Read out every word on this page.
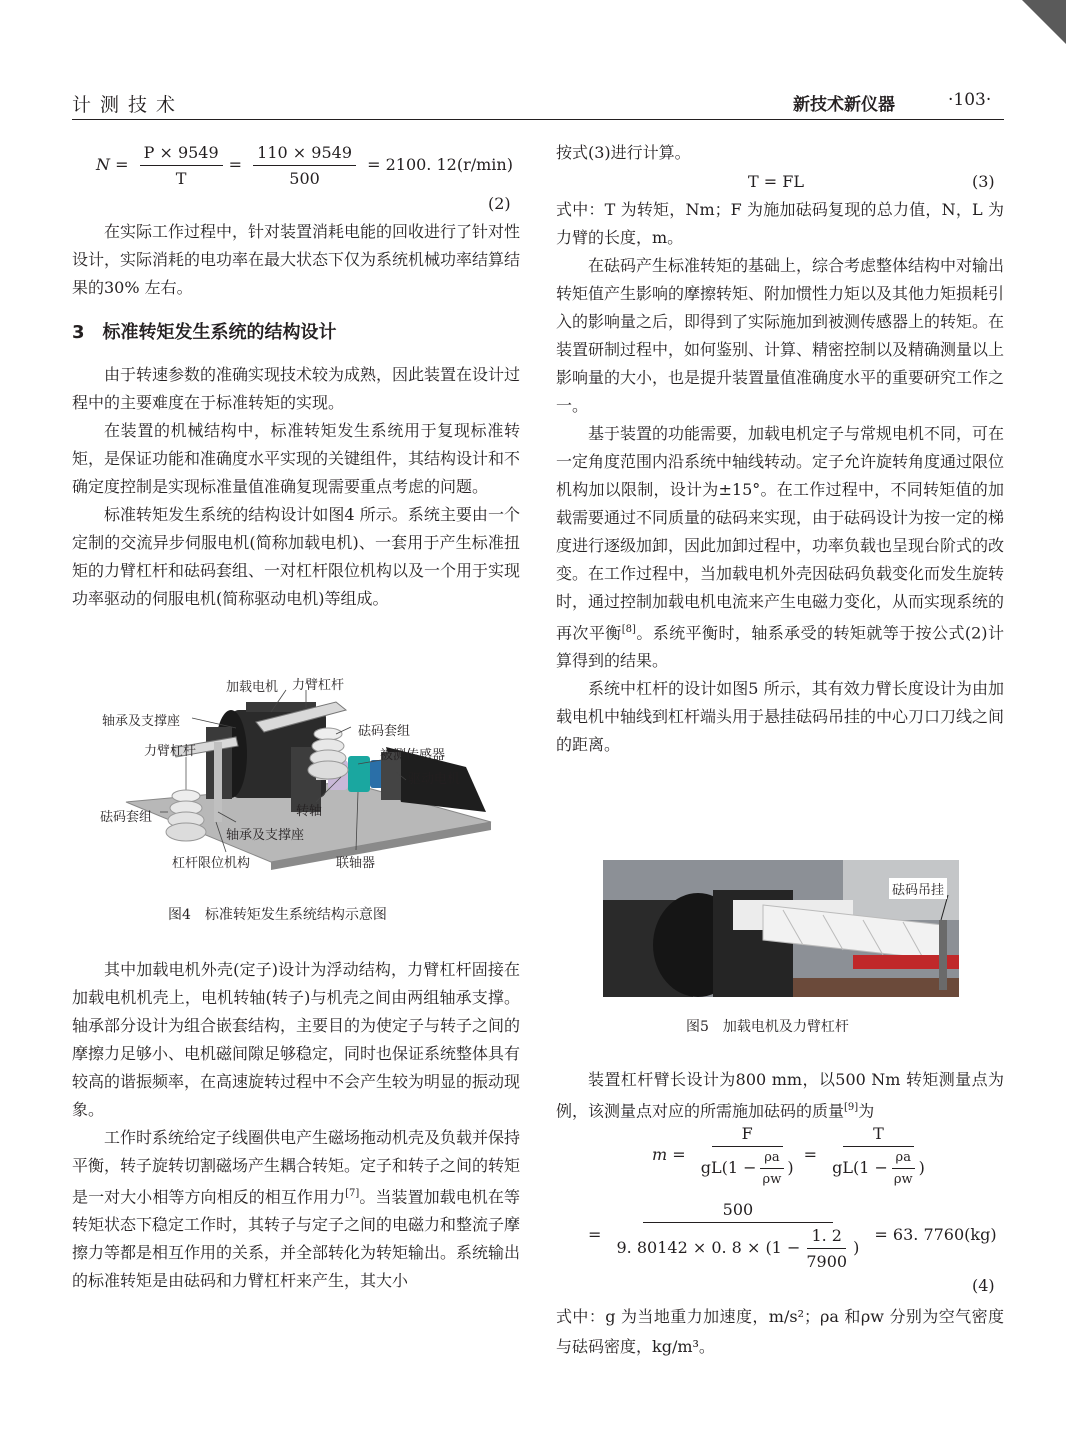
计测技术	新技术新仪器	·103·
$N = \frac{P \times 9549}{T} = \frac{110 \times 9549}{500} = 2100$. 12(r/min)
(2)

在实际工作过程中，针对装置消耗电能的回收进行了针对性设计，实际消耗的电功率在最大状态下仅为系统机械功率结算结果的30% 左右。

3　标准转矩发生系统的结构设计

由于转速参数的准确实现技术较为成熟，因此装置在设计过程中的主要难度在于标准转矩的实现。

在装置的机械结构中，标准转矩发生系统用于复现标准转矩，是保证功能和准确度水平实现的关键组件，其结构设计和不确定度控制是实现标准量值准确复现需要重点考虑的问题。

标准转矩发生系统的结构设计如图4 所示。系统主要由一个定制的交流异步伺服电机(简称加载电机)、一套用于产生标准扭矩的力臂杠杆和砝码套组、一对杠杆限位机构以及一个用于实现功率驱动的伺服电机(简称驱动电机)等组成。

加载电机 力臂杠杆
轴承及支撑座
砝码套组
力臂杠杆	被测传感器
驱动电机
转轴
砝码套组
轴承及支撑座
杠杆限位机构	联轴器
图4　标准转矩发生系统结构示意图

其中加载电机外壳(定子)设计为浮动结构，力臂杠杆固接在加载电机机壳上，电机转轴(转子)与机壳之间由两组轴承支撑。轴承部分设计为组合嵌套结构，主要目的为使定子与转子之间的摩擦力足够小、电机磁间隙足够稳定，同时也保证系统整体具有较高的谐振频率，在高速旋转过程中不会产生较为明显的振动现象。

工作时系统给定子线圈供电产生磁场拖动机壳及负载并保持平衡，转子旋转切割磁场产生耦合转矩。定子和转子之间的转矩是一对大小相等方向相反的相互作用力[7]。当装置加载电机在等转矩状态下稳定工作时，其转子与定子之间的电磁力和整流子摩擦力等都是相互作用的关系，并全部转化为转矩输出。系统输出的标准转矩是由砝码和力臂杠杆来产生，其大小

按式(3)进行计算。
T = FL	(3)

式中：T 为转矩，Nm；F 为施加砝码复现的总力值，N，L 为力臂的长度，m。

在砝码产生标准转矩的基础上，综合考虑整体结构中对输出转矩值产生影响的摩擦转矩、附加惯性力矩以及其他力矩损耗引入的影响量之后，即得到了实际施加到被测传感器上的转矩。在装置研制过程中，如何鉴别、计算、精密控制以及精确测量以上影响量的大小，也是提升装置量值准确度水平的重要研究工作之一。

基于装置的功能需要，加载电机定子与常规电机不同，可在一定角度范围内沿系统中轴线转动。定子允许旋转角度通过限位机构加以限制，设计为±15°。在工作过程中，不同转矩值的加载需要通过不同质量的砝码来实现，由于砝码设计为按一定的梯度进行逐级加卸，因此加卸过程中，功率负载也呈现台阶式的改变。在工作过程中，当加载电机外壳因砝码负载变化而发生旋转时，通过控制加载电机电流来产生电磁力变化，从而实现系统的再次平衡[8]。系统平衡时，轴系承受的转矩就等于按公式(2)计算得到的结果。

系统中杠杆的设计如图5 所示，其有效力臂长度设计为由加载电机中轴线到杠杆端头用于悬挂砝码吊挂的中心刀口刀线之间的距离。

砝码吊挂
图5　加载电机及力臂杠杆

装置杠杆臂长设计为800 mm，以500 Nm 转矩测量点为例，该测量点对应的所需施加砝码的质量[9]为

$m = \frac{F}{gL(1 - \frac{\rho a}{\rho w} )} = \frac{T}{gL(1 - \frac{\rho a}{\rho w} )}$
= $\frac{500}{9. 80142 \times 0. 8 \times (1 - \frac{1. 2}{7900} )} = 63$. 7760(kg)
(4)

式中：g 为当地重力加速度，m/s²；ρa 和ρw 分别为空气密度与砝码密度，kg/m³。
